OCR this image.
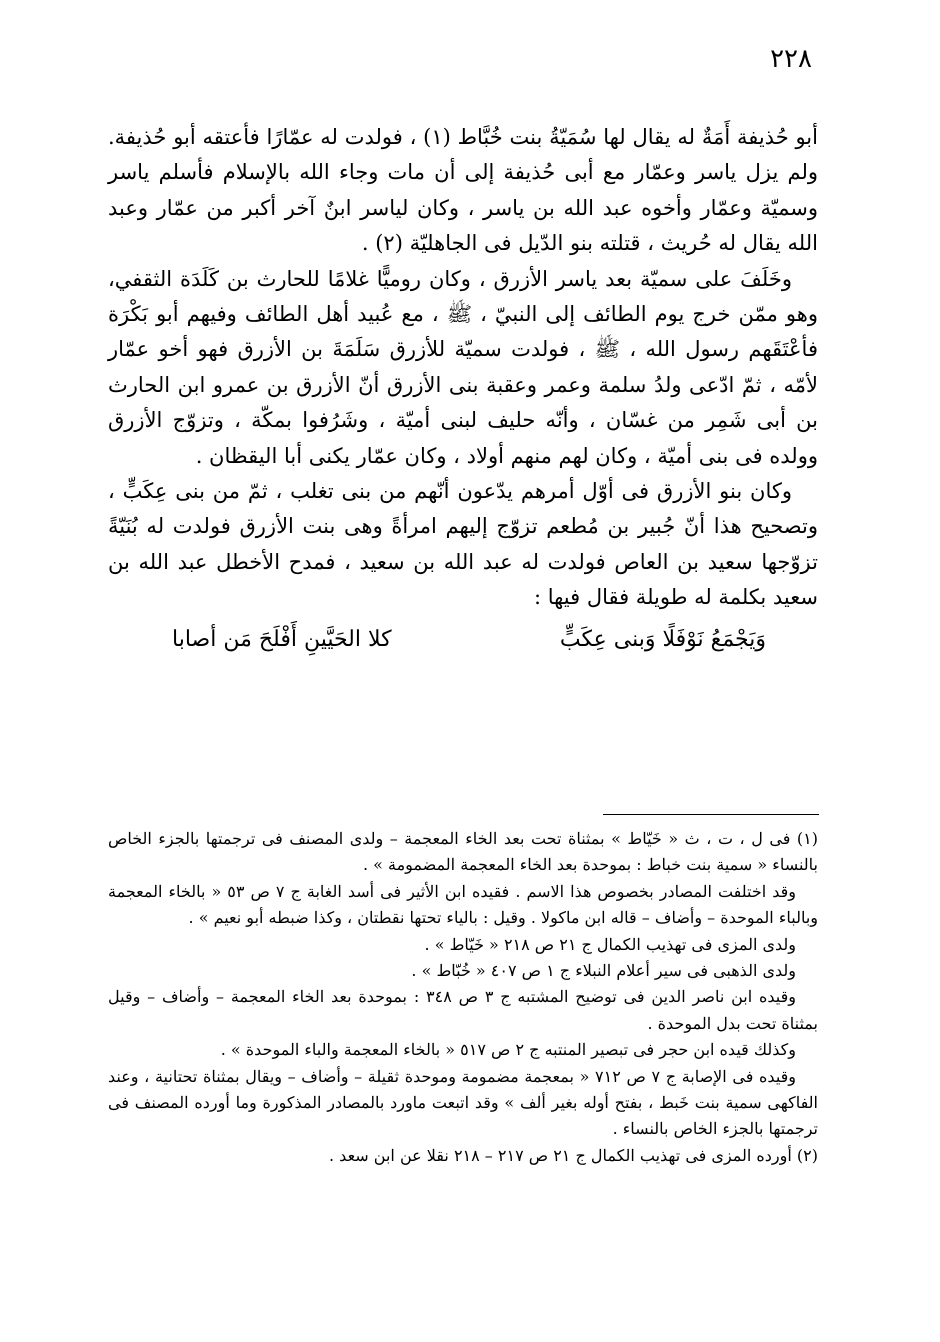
٢٢٨

أبو حُذيفة أَمَةٌ له يقال لها سُمَيّةُ بنت خُبَّاط (١) ، فولدت له عمّارًا فأعتقه أبو حُذيفة. ولم يزل ياسر وعمّار مع أبى حُذيفة إلى أن مات وجاء الله بالإسلام فأسلم ياسر وسميّة وعمّار وأخوه عبد الله بن ياسر ، وكان لياسر ابنٌ آخر أكبر من عمّار وعبد الله يقال له حُريث ، قتلته بنو الدّيل فى الجاهليّة (٢) .

وخَلَفَ على سميّة بعد ياسر الأزرق ، وكان روميًّا غلامًا للحارث بن كَلَدَة الثقفي، وهو ممّن خرج يوم الطائف إلى النبيّ ، ﷺ ، مع عُبيد أهل الطائف وفيهم أبو بَكْرَة فأعْتَقَهم رسول الله ، ﷺ ، فولدت سميّة للأزرق سَلَمَةَ بن الأزرق فهو أخو عمّار لأمّه ، ثمّ ادّعى ولدُ سلمة وعمر وعقبة بنى الأزرق أنّ الأزرق بن عمرو ابن الحارث بن أبى شَمِر من غسّان ، وأنّه حليف لبنى أميّة ، وشَرُفوا بمكّة ، وتزوّج الأزرق وولده فى بنى أميّة ، وكان لهم منهم أولاد ، وكان عمّار يكنى أبا اليقظان .

وكان بنو الأزرق فى أوّل أمرهم يدّعون أنّهم من بنى تغلب ، ثمّ من بنى عِكَبٍّ ، وتصحيح هذا أنّ جُبير بن مُطعم تزوّج إليهم امرأةً وهى بنت الأزرق فولدت له بُنَيّةً تزوّجها سعيد بن العاص فولدت له عبد الله بن سعيد ، فمدح الأخطل عبد الله بن سعيد بكلمة له طويلة فقال فيها :

وَيَجْمَعُ نَوْفَلًا وَبنى عِكَبٍّ
كلا الحَيَّينِ أَفْلَحَ مَن أصابا

(١) فى ل ، ت ، ث « خَيّاط » بمثناة تحت بعد الخاء المعجمة – ولدى المصنف فى ترجمتها بالجزء الخاص بالنساء « سمية بنت خباط : بموحدة بعد الخاء المعجمة المضمومة » .

وقد اختلفت المصادر بخصوص هذا الاسم . فقيده ابن الأثير فى أسد الغابة ج ٧ ص ٥٣ « بالخاء المعجمة وبالباء الموحدة – وأضاف – قاله ابن ماكولا . وقيل : بالياء تحتها نقطتان ، وكذا ضبطه أبو نعيم » .

ولدى المزى فى تهذيب الكمال ج ٢١ ص ٢١٨ « خَيّاط » .

ولدى الذهبى فى سير أعلام النبلاء ج ١ ص ٤٠٧ « خُبّاط » .

وقيده ابن ناصر الدين فى توضيح المشتبه ج ٣ ص ٣٤٨ : بموحدة بعد الخاء المعجمة – وأضاف – وقيل بمثناة تحت بدل الموحدة .

وكذلك قيده ابن حجر فى تبصير المنتبه ج ٢ ص ٥١٧ « بالخاء المعجمة والباء الموحدة » .

وقيده فى الإصابة ج ٧ ص ٧١٢ « بمعجمة مضمومة وموحدة ثقيلة – وأضاف – ويقال بمثناة تحتانية ، وعند الفاكهى سمية بنت خَبط ، بفتح أوله بغير ألف » وقد اتبعت ماورد بالمصادر المذكورة وما أورده المصنف فى ترجمتها بالجزء الخاص بالنساء .

(٢) أورده المزى فى تهذيب الكمال ج ٢١ ص ٢١٧ – ٢١٨ نقلا عن ابن سعد .
